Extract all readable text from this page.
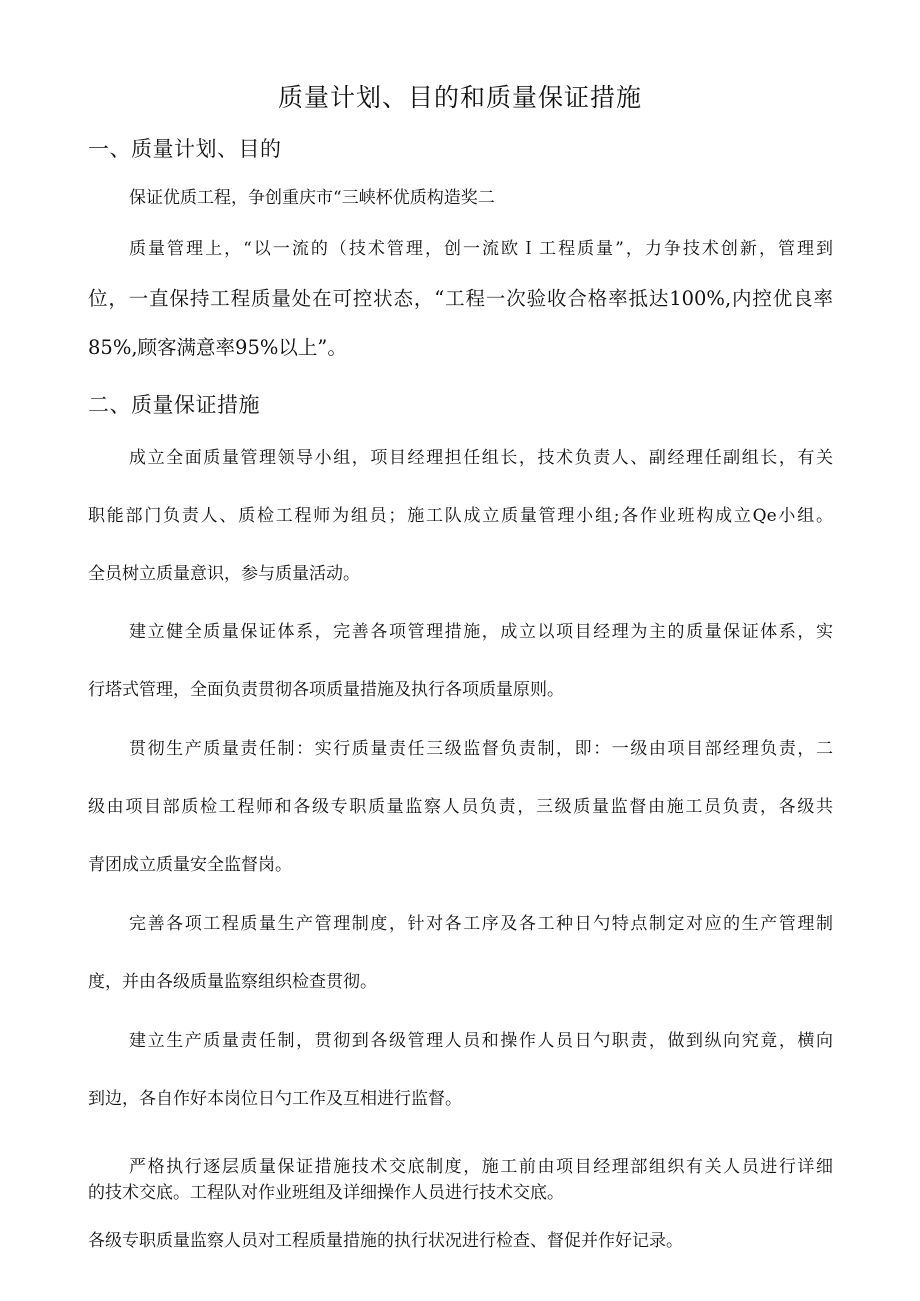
质量计划、目的和质量保证措施
一、质量计划、目的
保证优质工程，争创重庆市“三峡杯优质构造奖二
质量管理上，“以一流的（技术管理，创一流欧Ｉ工程质量”，力争技术创新，管理到
位，一直保持工程质量处在可控状态，“工程一次验收合格率抵达100%,内控优良率
85%,顾客满意率95%以上”。
二、质量保证措施
成立全面质量管理领导小组，项目经理担任组长，技术负责人、副经理任副组长，有关
职能部门负责人、质检工程师为组员；施工队成立质量管理小组;各作业班构成立Qe小组。
全员树立质量意识，参与质量活动。
建立健全质量保证体系，完善各项管理措施，成立以项目经理为主的质量保证体系，实
行塔式管理，全面负责贯彻各项质量措施及执行各项质量原则。
贯彻生产质量责任制：实行质量责任三级监督负责制，即：一级由项目部经理负责，二
级由项目部质检工程师和各级专职质量监察人员负责，三级质量监督由施工员负责，各级共
青团成立质量安全监督岗。
完善各项工程质量生产管理制度，针对各工序及各工种日勺特点制定对应的生产管理制
度，并由各级质量监察组织检查贯彻。
建立生产质量责任制，贯彻到各级管理人员和操作人员日勺职责，做到纵向究竟，横向
到边，各自作好本岗位日勺工作及互相进行监督。
严格执行逐层质量保证措施技术交底制度，施工前由项目经理部组织有关人员进行详细
的技术交底。工程队对作业班组及详细操作人员进行技术交底。
各级专职质量监察人员对工程质量措施的执行状况进行检查、督促并作好记录。
